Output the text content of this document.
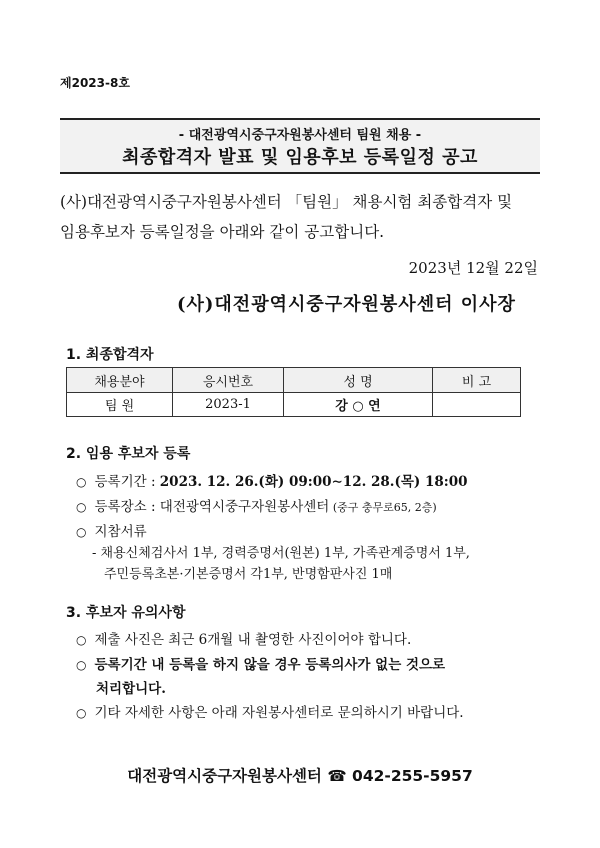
제2023-8호
- 대전광역시중구자원봉사센터 팀원 채용 -
최종합격자 발표 및 임용후보 등록일정 공고
(사)대전광역시중구자원봉사센터 「팀원」 채용시험 최종합격자 및
임용후보자 등록일정을 아래와 같이 공고합니다.
2023년 12월 22일
(사)대전광역시중구자원봉사센터 이사장
1. 최종합격자
채용분야	응시번호	성 명	비 고
팀 원	2023-1	강 ○ 연	
2. 임용 후보자 등록
○ 등록기간 : 2023. 12. 26.(화) 09:00∼12. 28.(목) 18:00
○ 등록장소 : 대전광역시중구자원봉사센터 (중구 충무로65, 2층)
○ 지참서류
- 채용신체검사서 1부, 경력증명서(원본) 1부, 가족관계증명서 1부,
주민등록초본·기본증명서 각1부, 반명함판사진 1매
3. 후보자 유의사항
○ 제출 사진은 최근 6개월 내 촬영한 사진이어야 합니다.
○ 등록기간 내 등록을 하지 않을 경우 등록의사가 없는 것으로
처리합니다.
○ 기타 자세한 사항은 아래 자원봉사센터로 문의하시기 바랍니다.
대전광역시중구자원봉사센터 ☎ 042-255-5957
